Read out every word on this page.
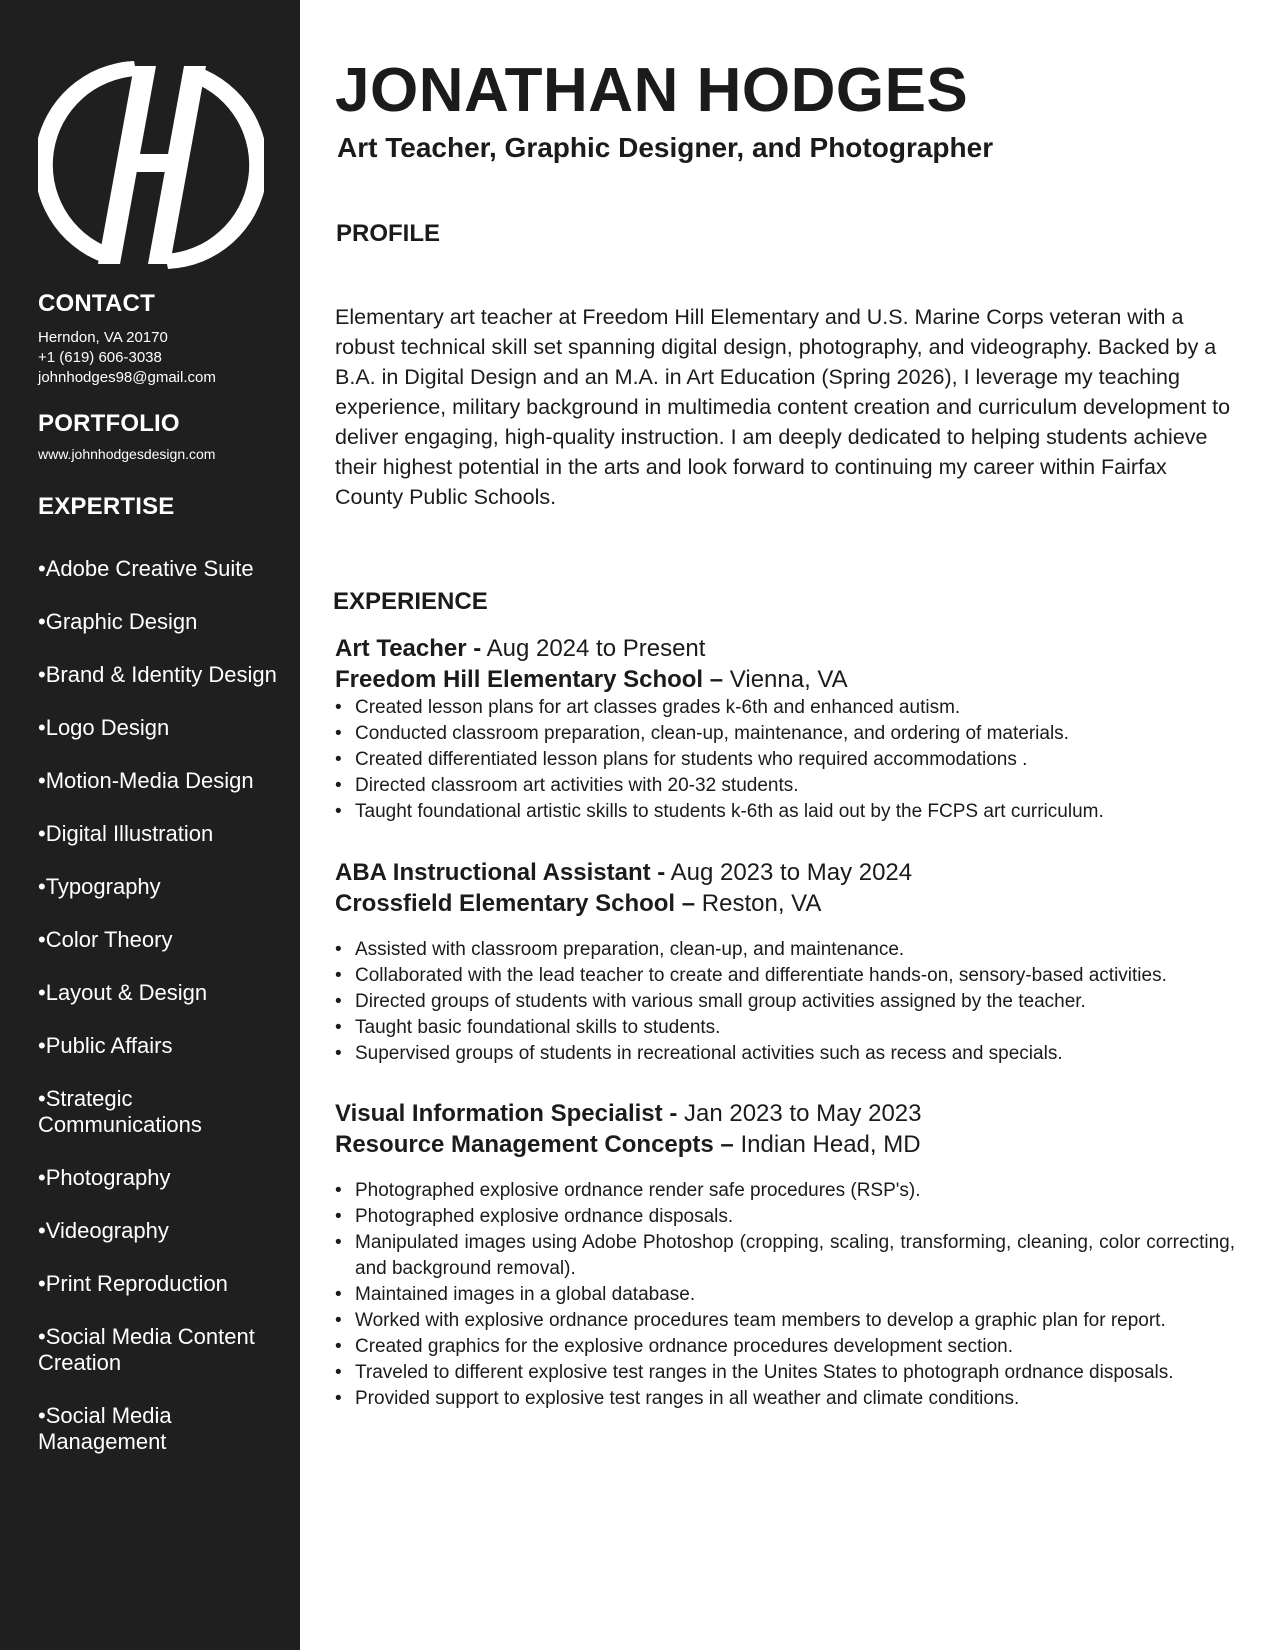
CONTACT
Herndon, VA 20170
+1 (619) 606-3038
johnhodges98@gmail.com
PORTFOLIO
www.johnhodgesdesign.com
EXPERTISE
•Adobe Creative Suite
•Graphic Design
•Brand & Identity Design
•Logo Design
•Motion-Media Design
•Digital Illustration
•Typography
•Color Theory
•Layout & Design
•Public Affairs
•Strategic Communications
•Photography
•Videography
•Print Reproduction
•Social Media Content Creation
•Social Media Management
JONATHAN HODGES
Art Teacher, Graphic Designer, and Photographer
PROFILE

Elementary art teacher at Freedom Hill Elementary and U.S. Marine Corps veteran with a robust technical skill set spanning digital design, photography, and videography. Backed by a B.A. in Digital Design and an M.A. in Art Education (Spring 2026), I leverage my teaching experience, military background in multimedia content creation and curriculum development to deliver engaging, high-quality instruction. I am deeply dedicated to helping students achieve their highest potential in the arts and look forward to continuing my career within Fairfax County Public Schools.

EXPERIENCE
Art Teacher - Aug 2024 to Present
Freedom Hill Elementary School – Vienna, VA
• Created lesson plans for art classes grades k-6th and enhanced autism.
• Conducted classroom preparation, clean-up, maintenance, and ordering of materials.
• Created differentiated lesson plans for students who required accommodations .
• Directed classroom art activities with 20-32 students.
• Taught foundational artistic skills to students k-6th as laid out by the FCPS art curriculum.
ABA Instructional Assistant - Aug 2023 to May 2024
Crossfield Elementary School – Reston, VA
• Assisted with classroom preparation, clean-up, and maintenance.
• Collaborated with the lead teacher to create and differentiate hands-on, sensory-based activities.
• Directed groups of students with various small group activities assigned by the teacher.
• Taught basic foundational skills to students.
• Supervised groups of students in recreational activities such as recess and specials.
Visual Information Specialist - Jan 2023 to May 2023
Resource Management Concepts – Indian Head, MD
• Photographed explosive ordnance render safe procedures (RSP's).
• Photographed explosive ordnance disposals.
• Manipulated images using Adobe Photoshop (cropping, scaling, transforming, cleaning, color correcting, and background removal).
• Maintained images in a global database.
• Worked with explosive ordnance procedures team members to develop a graphic plan for report.
• Created graphics for the explosive ordnance procedures development section.
• Traveled to different explosive test ranges in the Unites States to photograph ordnance disposals.
• Provided support to explosive test ranges in all weather and climate conditions.
